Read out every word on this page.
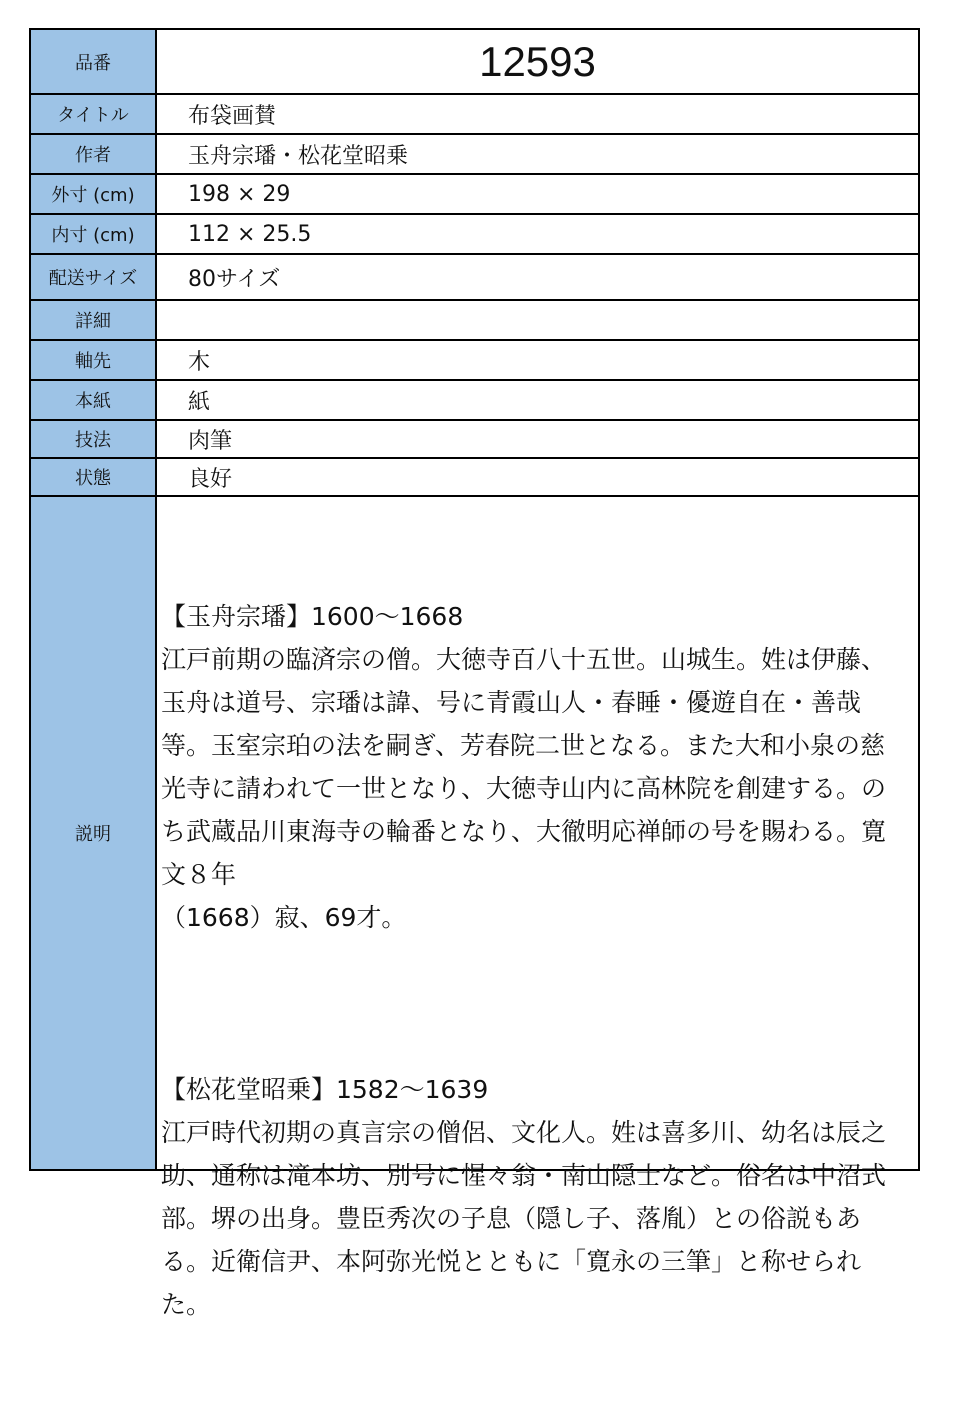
品番	12593
タイトル	布袋画賛
作者	玉舟宗璠・松花堂昭乗
外寸 (cm)	198 × 29
内寸 (cm)	112 × 25.5
配送サイズ	80サイズ
詳細
軸先	木
本紙	紙
技法	肉筆
状態	良好
説明

【玉舟宗璠】1600〜1668
江戸前期の臨済宗の僧。大徳寺百八十五世。山城生。姓は伊藤、玉舟は道号、宗璠は諱、号に青霞山人・春睡・優遊自在・善哉等。玉室宗珀の法を嗣ぎ、芳春院二世となる。また大和小泉の慈光寺に請われて一世となり、大徳寺山内に高林院を創建する。のち武蔵品川東海寺の輪番となり、大徹明応禅師の号を賜わる。寛文８年
（1668）寂、69才。

【松花堂昭乗】1582〜1639
江戸時代初期の真言宗の僧侶、文化人。姓は喜多川、幼名は辰之助、通称は滝本坊、別号に惺々翁・南山隠士など。俗名は中沼式部。堺の出身。豊臣秀次の子息（隠し子、落胤）との俗説もある。近衛信尹、本阿弥光悦とともに「寛永の三筆」と称せられた。
